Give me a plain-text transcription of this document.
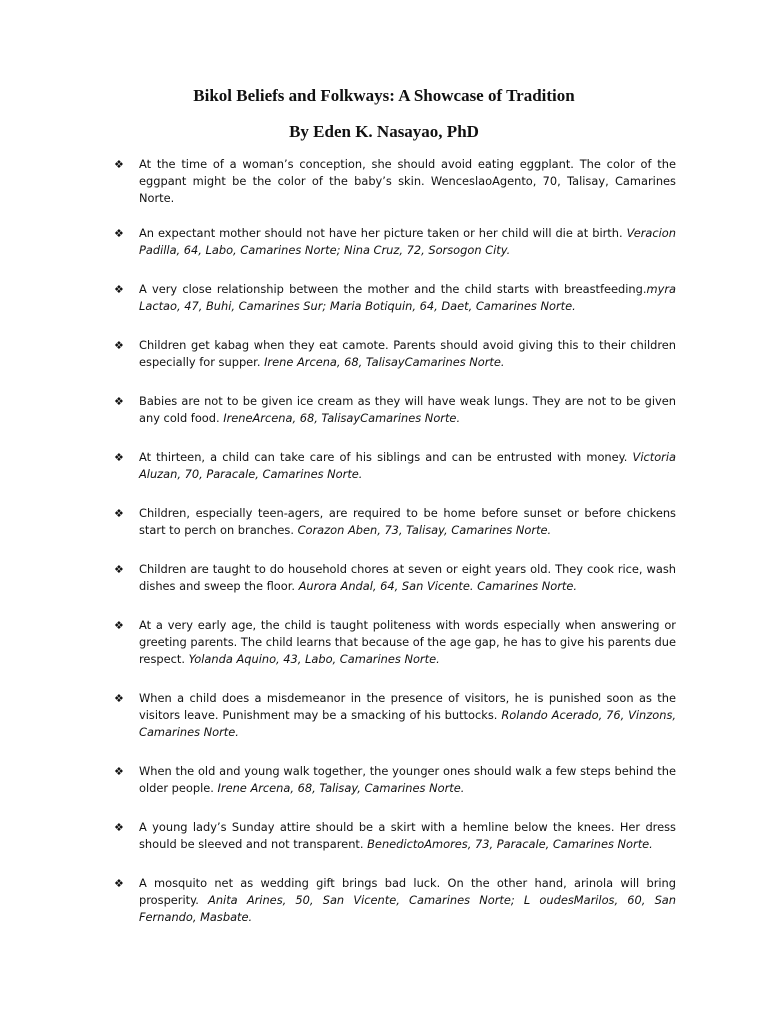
Bikol Beliefs and Folkways: A Showcase of Tradition
By Eden K. Nasayao, PhD
❖ At the time of a woman’s conception, she should avoid eating eggplant. The color of the eggpant might be the color of the baby’s skin. WenceslaoAgento, 70, Talisay, Camarines Norte.
❖ An expectant mother should not have her picture taken or her child will die at birth. Veracion Padilla, 64, Labo, Camarines Norte; Nina Cruz, 72, Sorsogon City.
❖ A very close relationship between the mother and the child starts with breastfeeding.myra Lactao, 47, Buhi, Camarines Sur; Maria Botiquin, 64, Daet, Camarines Norte.
❖ Children get kabag when they eat camote. Parents should avoid giving this to their children especially for supper. Irene Arcena, 68, TalisayCamarines Norte.
❖ Babies are not to be given ice cream as they will have weak lungs. They are not to be given any cold food. IreneArcena, 68, TalisayCamarines Norte.
❖ At thirteen, a child can take care of his siblings and can be entrusted with money. Victoria Aluzan, 70, Paracale, Camarines Norte.
❖ Children, especially teen-agers, are required to be home before sunset or before chickens start to perch on branches. Corazon Aben, 73, Talisay, Camarines Norte.
❖ Children are taught to do household chores at seven or eight years old. They cook rice, wash dishes and sweep the floor. Aurora Andal, 64, San Vicente. Camarines Norte.
❖ At a very early age, the child is taught politeness with words especially when answering or greeting parents. The child learns that because of the age gap, he has to give his parents due respect. Yolanda Aquino, 43, Labo, Camarines Norte.
❖ When a child does a misdemeanor in the presence of visitors, he is punished soon as the visitors leave. Punishment may be a smacking of his buttocks. Rolando Acerado, 76, Vinzons, Camarines Norte.
❖ When the old and young walk together, the younger ones should walk a few steps behind the older people. Irene Arcena, 68, Talisay, Camarines Norte.
❖ A young lady’s Sunday attire should be a skirt with a hemline below the knees. Her dress should be sleeved and not transparent. BenedictoAmores, 73, Paracale, Camarines Norte.
❖ A mosquito net as wedding gift brings bad luck. On the other hand, arinola will bring prosperity. Anita Arines, 50, San Vicente, Camarines Norte; L oudesMarilos, 60, San Fernando, Masbate.
